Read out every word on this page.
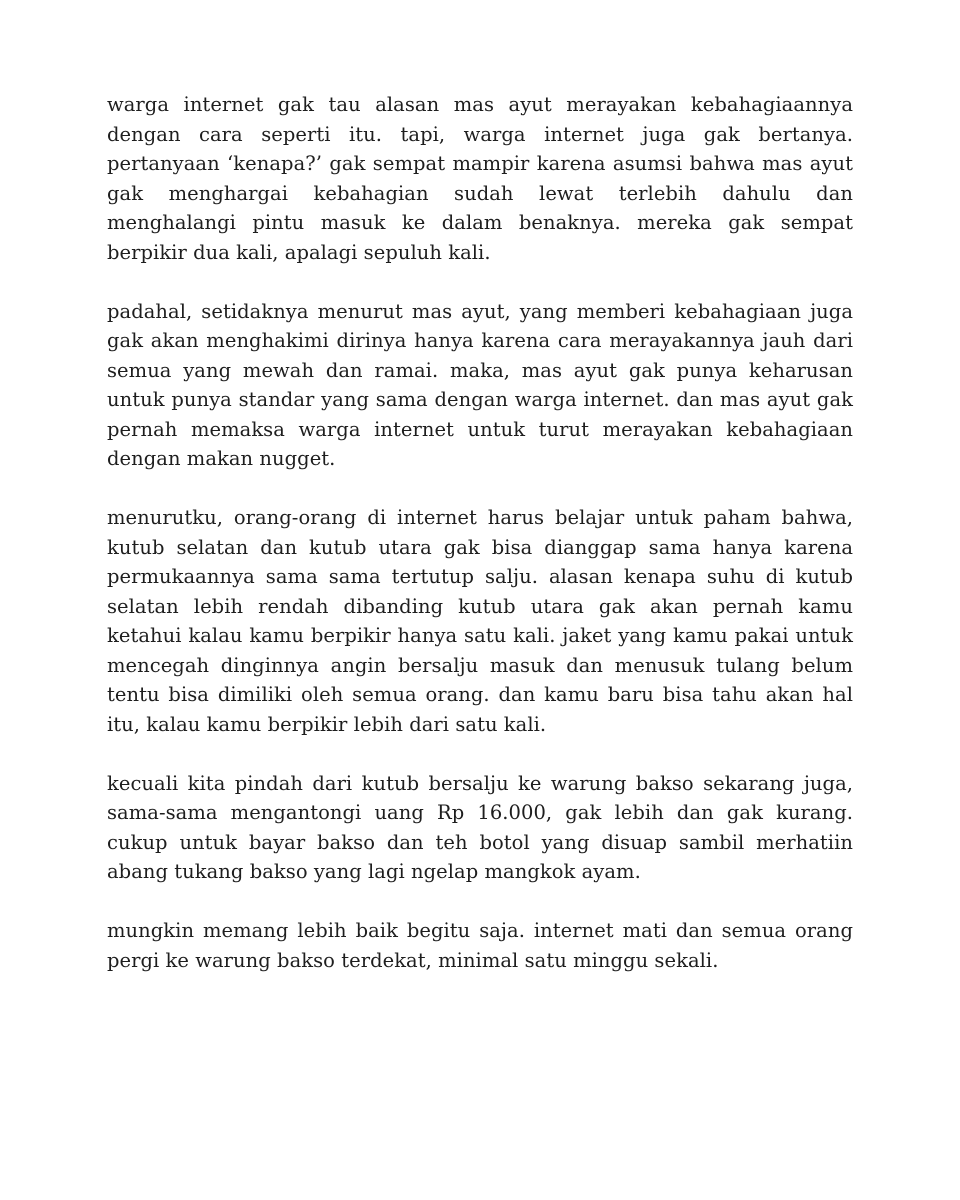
warga internet gak tau alasan mas ayut merayakan kebahagiaannya dengan cara seperti itu. tapi, warga internet juga gak bertanya. pertanyaan ‘kenapa?’ gak sempat mampir karena asumsi bahwa mas ayut gak menghargai kebahagian sudah lewat terlebih dahulu dan menghalangi pintu masuk ke dalam benaknya. mereka gak sempat berpikir dua kali, apalagi sepuluh kali.

padahal, setidaknya menurut mas ayut, yang memberi kebahagiaan juga gak akan menghakimi dirinya hanya karena cara merayakannya jauh dari semua yang mewah dan ramai. maka, mas ayut gak punya keharusan untuk punya standar yang sama dengan warga internet. dan mas ayut gak pernah memaksa warga internet untuk turut merayakan kebahagiaan dengan makan nugget.

menurutku, orang-orang di internet harus belajar untuk paham bahwa, kutub selatan dan kutub utara gak bisa dianggap sama hanya karena permukaannya sama sama tertutup salju. alasan kenapa suhu di kutub selatan lebih rendah dibanding kutub utara gak akan pernah kamu ketahui kalau kamu berpikir hanya satu kali. jaket yang kamu pakai untuk mencegah dinginnya angin bersalju masuk dan menusuk tulang belum tentu bisa dimiliki oleh semua orang. dan kamu baru bisa tahu akan hal itu, kalau kamu berpikir lebih dari satu kali.

kecuali kita pindah dari kutub bersalju ke warung bakso sekarang juga, sama-sama mengantongi uang Rp 16.000, gak lebih dan gak kurang. cukup untuk bayar bakso dan teh botol yang disuap sambil merhatiin abang tukang bakso yang lagi ngelap mangkok ayam.

mungkin memang lebih baik begitu saja. internet mati dan semua orang pergi ke warung bakso terdekat, minimal satu minggu sekali.
